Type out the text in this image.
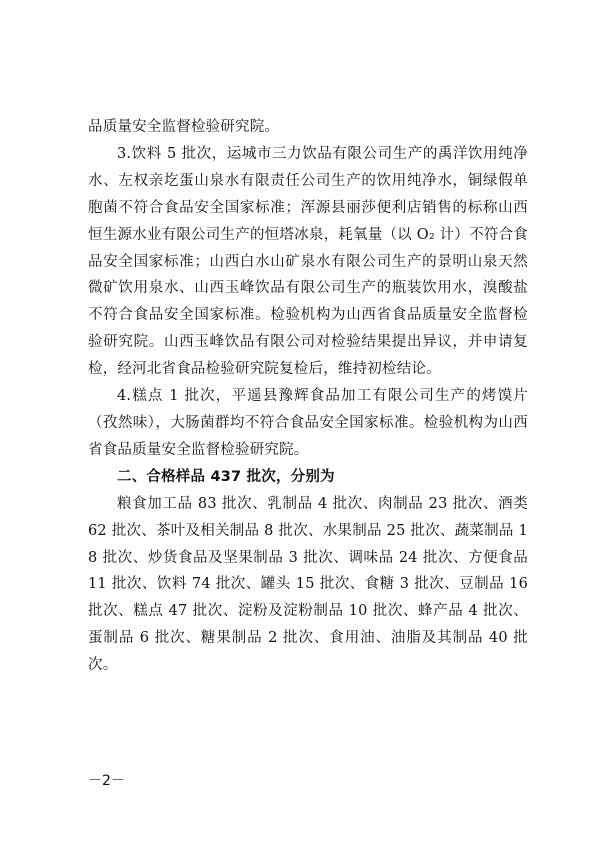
品质量安全监督检验研究院。

3.饮料 5 批次，运城市三力饮品有限公司生产的禹洋饮用纯净水、左权亲圪蛋山泉水有限责任公司生产的饮用纯净水，铜绿假单胞菌不符合食品安全国家标准；浑源县丽莎便利店销售的标称山西恒生源水业有限公司生产的恒塔冰泉，耗氧量（以 O₂ 计）不符合食品安全国家标准；山西白水山矿泉水有限公司生产的景明山泉天然微矿饮用泉水、山西玉峰饮品有限公司生产的瓶装饮用水，溴酸盐不符合食品安全国家标准。检验机构为山西省食品质量安全监督检验研究院。山西玉峰饮品有限公司对检验结果提出异议，并申请复检，经河北省食品检验研究院复检后，维持初检结论。

4.糕点 1 批次，平遥县豫辉食品加工有限公司生产的烤馍片（孜然味），大肠菌群均不符合食品安全国家标准。检验机构为山西省食品质量安全监督检验研究院。

二、合格样品 437 批次，分别为

粮食加工品 83 批次、乳制品 4 批次、肉制品 23 批次、酒类 62 批次、茶叶及相关制品 8 批次、水果制品 25 批次、蔬菜制品 18 批次、炒货食品及坚果制品 3 批次、调味品 24 批次、方便食品 11 批次、饮料 74 批次、罐头 15 批次、食糖 3 批次、豆制品 16 批次、糕点 47 批次、淀粉及淀粉制品 10 批次、蜂产品 4 批次、蛋制品 6 批次、糖果制品 2 批次、食用油、油脂及其制品 40 批次。

－2－
